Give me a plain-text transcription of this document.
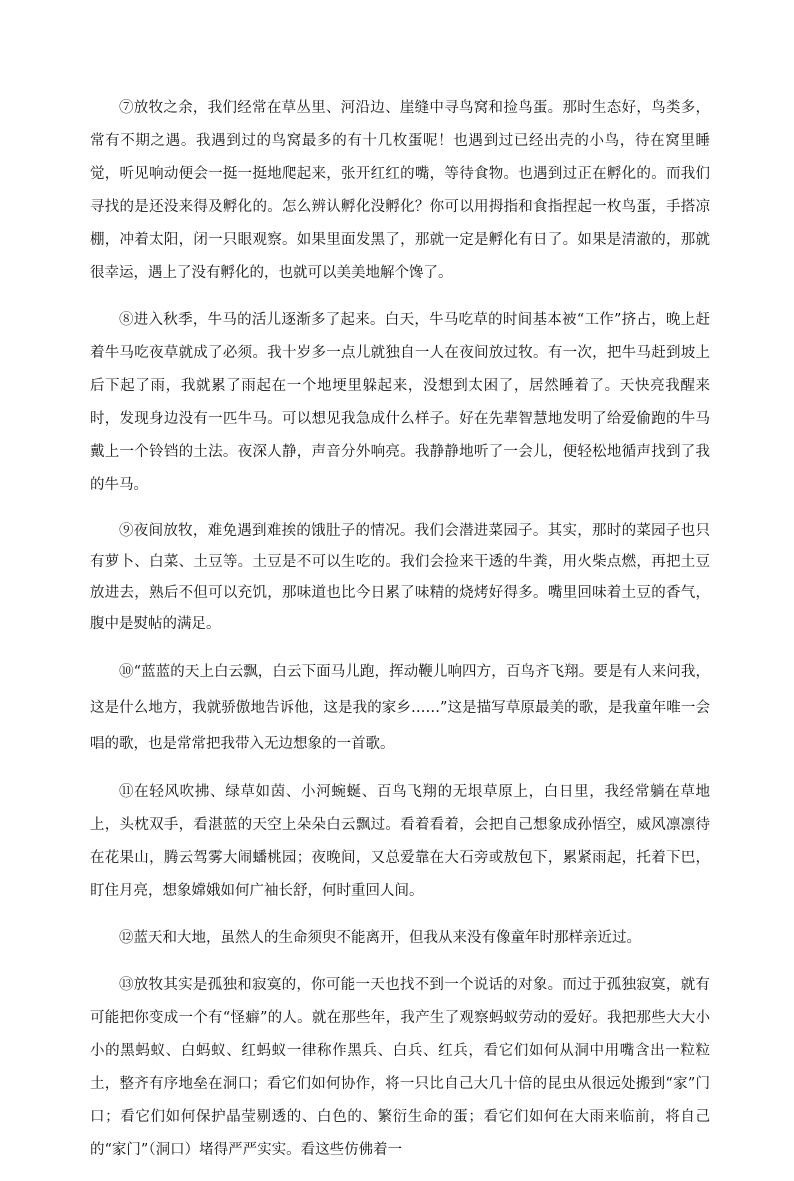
⑦放牧之余，我们经常在草丛里、河沿边、崖缝中寻鸟窝和捡鸟蛋。那时生态好，鸟类多，常有不期之遇。我遇到过的鸟窝最多的有十几枚蛋呢！也遇到过已经出壳的小鸟，待在窝里睡觉，听见响动便会一挺一挺地爬起来，张开红红的嘴，等待食物。也遇到过正在孵化的。而我们寻找的是还没来得及孵化的。怎么辨认孵化没孵化？你可以用拇指和食指捏起一枚鸟蛋，手搭凉棚，冲着太阳，闭一只眼观察。如果里面发黑了，那就一定是孵化有日了。如果是清澈的，那就很幸运，遇上了没有孵化的，也就可以美美地解个馋了。

⑧进入秋季，牛马的活儿逐渐多了起来。白天，牛马吃草的时间基本被“工作”挤占，晚上赶着牛马吃夜草就成了必须。我十岁多一点儿就独自一人在夜间放过牧。有一次，把牛马赶到坡上后下起了雨，我就累了雨起在一个地埂里躲起来，没想到太困了，居然睡着了。天快亮我醒来时，发现身边没有一匹牛马。可以想见我急成什么样子。好在先辈智慧地发明了给爱偷跑的牛马戴上一个铃铛的土法。夜深人静，声音分外响亮。我静静地听了一会儿，便轻松地循声找到了我的牛马。

⑨夜间放牧，难免遇到难挨的饿肚子的情况。我们会潜进菜园子。其实，那时的菜园子也只有萝卜、白菜、土豆等。土豆是不可以生吃的。我们会捡来干透的牛粪，用火柴点燃，再把土豆放进去，熟后不但可以充饥，那味道也比今日累了味精的烧烤好得多。嘴里回味着土豆的香气，腹中是熨帖的满足。

⑩“蓝蓝的天上白云飘，白云下面马儿跑，挥动鞭儿响四方，百鸟齐飞翔。要是有人来问我，这是什么地方，我就骄傲地告诉他，这是我的家乡……”这是描写草原最美的歌，是我童年唯一会唱的歌，也是常常把我带入无边想象的一首歌。

⑪在轻风吹拂、绿草如茵、小河蜿蜒、百鸟飞翔的无垠草原上，白日里，我经常躺在草地上，头枕双手，看湛蓝的天空上朵朵白云飘过。看着看着，会把自己想象成孙悟空，威风凛凛待在花果山，腾云驾雾大闹蟠桃园；夜晚间，又总爱靠在大石旁或敖包下，累紧雨起，托着下巴，盯住月亮，想象嫦娥如何广袖长舒，何时重回人间。

⑫蓝天和大地，虽然人的生命须臾不能离开，但我从来没有像童年时那样亲近过。

⑬放牧其实是孤独和寂寞的，你可能一天也找不到一个说话的对象。而过于孤独寂寞，就有可能把你变成一个有“怪癖”的人。就在那些年，我产生了观察蚂蚁劳动的爱好。我把那些大大小小的黑蚂蚁、白蚂蚁、红蚂蚁一律称作黑兵、白兵、红兵，看它们如何从洞中用嘴含出一粒粒土，整齐有序地垒在洞口；看它们如何协作，将一只比自己大几十倍的昆虫从很远处搬到“家”门口；看它们如何保护晶莹剔透的、白色的、繁衍生命的蛋；看它们如何在大雨来临前，将自己的“家门”（洞口）堵得严严实实。看这些仿佛着一
